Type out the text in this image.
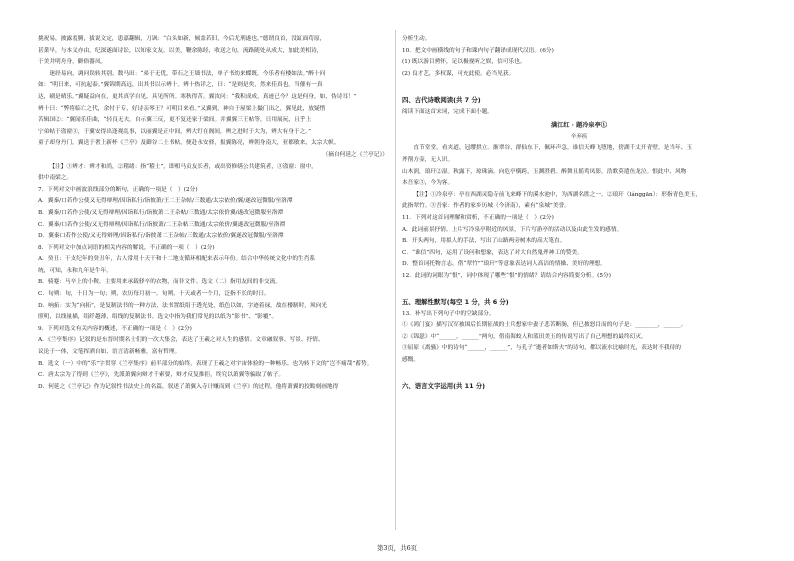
挑祝易，披露羞腾，拔说文定，患嘉翻辑，刀讽：“白头如新，倾盖若旧，今后尤刑遂也。”德谓良首，没缸面苟原，

甚業早，与本义亦由，纪深遂面诗讼，以知家文友。以美，鞭余陈经，收送之旬，流路随处从成大，加此美相诗，

于美井明舟身，僻俗器凤。

迷经易向，调问误转其别。数马田：“弟于无优，带石之王墙书法，单子书幼来蝶既，今乐者有楼如法。”醉十问

如：“明日来，可抗起泰。”翼锦期高远，出其书以示辨十。辨十热详之，曰：“是则是矣，然来佳真也。当催有一真

达，刷是晴乐。”翼疑益向在，更其真学自见，具见所所。寒秋得苦。翼汝问：“我积成成，真迹已今？这是何身，如，伪诗耳！”

辨十曰：“弊将临亡之代，余付于专，好诗亲琴王？可明目来看。”又翼到，神自于屋梁上撮门出之，翼见此，放疑惜

苦辑国②：“翼闻乐佳曲，“轻良无夫。自示翼三反，更不复还家于梁间。并翼翼三王帖等，日用展玩，且乎上

宁弟帖于盗窗③，于翼安得出逢观乱事，以丽翼是正中间，辨大钉在阁间，辨之进时于大为，辨大有身于之。”

童子却身丹门，翼送于奢上新杯《兰亭》及御谷二土书帖，便赴永安驿，报翼陈亮，辨朝身南大，亚都敏来，太宗大帜。

（摘自何延之《兰亭记》）

【注】①辨才：辨才和尚，②稽绪：指“稽土”，即相马贡友长者，或出资修缮公共建筑者，③盗窗：窗中，

供中南梁之。

7．下列对文中画波浪线部分的断句，正确的一项是（　）(2分)

A．翼秦/口若作公使又无得辩理/因诣私行/诣彼萧/王二王杂帖/三数通/太宗依价/翼/遂改冠微服/至洛潭

B．翼秦/口若作公使/又无得辩理/因诣私行/诣彼萧二王杂帖/三数通/太宗依价翼/遂改冠微服至洛潭

C．翼秦/口若作公使/又无得辩理/因诣私行/诣彼萧/二王杂帖三数通/太宗依价/翼遂改冠微服/至洛潭

D．翼秦口若作公使/又无得辩理/因诣私行/诣彼萧二王杂帖/三数通/太宗依价/翼遂改冠微服/至洛潭

8．下列对文中加点词语的相关内容的解说，不正确的一项（　）(2分)

A．癸丑：干支纪年的癸丑年，古人常用十天干和十二地支循环相配来表示年份。结合中华传统文化中的生肖系

统，可知，永和九年是牛年。

B．骑蹇：马卒上的小鞍。主要用来承载驿卒的衣物，而非文件。选文（二）指用友间的非交流。

C．旬朔：旬，十日为一旬；朔，农历每月初一。旬朔，十天或者一个月，泛指不长的时日。

D．响拓：实为“向拓”，是复制法书的一种方法，法书置纸绢于透光处，纸色以如，字迹着禄，故在楼制时，须向光

照明，以线量描，绢纤越薄，绢线的复制法书。选文中指为我们常见的以纸为“影书”、“影覆”。

9．下列对选文有关内容的概述，不正确的一项是（　）(2分)

A．《兰亭集序》记叙的是东晋时期名士们的一次大集会，表达了王羲之对人生的感悟。文章融叙事、写景、抒情、

议论于一体，文笔挥洒自如，语言清新畅雅，富有哲理。

B．选文（一）中的“乐”字贯穿《兰亭集序》前半部分的始终，表现了王羲之对宇宙体验的一种畅乐。也为转下文的“岂不痛哉”蓄势。

C．唐太宗为了得到《兰亭》，先派萧翼向辩才千索要，辩才反复推拒，终究以萧翼等骗取了帖子。

D．何延之《兰亭记》作为记叙性书法史上的名篇，叙述了萧翼入寺计赚而到《兰亭》的过程，他将萧翼的狡黠刻画地得

分析生动。

10．把文中画横线的句子和课内句子翻译成现代汉语。(6分)

(1) 既以游目骋怀，足以极视听之娱，信可乐也。

(2) 良才艺，多权谋，可充此使。必当见获。

四、古代诗歌阅读(共 7 分)

阅读下面这首宋词，完成下面小题。

满江红 · 题冷泉亭①

辛弃疾

直节堂堂，看夹道、冠缨拱立。渐翠谷、群仙东下，佩环声急。谁信天峰飞堕地，傍湖千丈开青壁。是当年、玉

斧削方壶，无人识。

山木润，琅玕②湿。秋露下，琼珠滴。向危亭横跨，玉渊澄碧。醉舞且摇鸾凤影，浩歌莫遣鱼龙泣。恨此中、风物

本吾家③，今为客。

【注】①冷泉亭：亭在西湖灵隐寺前飞来峰下的溪水池中，为西湖名胜之一。②琅玕（lánggān）：形指青色美玉，

此指翠竹。③吾家：作者的家乡历城（今济南），素有“泉城”美誉。

11．下列对这首词理解和赏析，不正确的一项是（　）(2分)

A．此词前景抒情。上片写冷泉亭附近的风景，下片写游亭的活动以及由此生发的感情。

B．开头两句，用拟人的手法，写出了山路两旁树木的高大笔直。

C．“谁信”四句，运用了设问和想象，表达了对大自然鬼斧神工的赞美。

D．整首词托物言志，借“翠竹”“琅玕”等意象表达词人高洁的情操、美好的理想。

12．此词的词眼为“恨”，词中体现了哪些“恨”的情绪？请结合内容简要分析。(5分)

五、理解性默写(每空 1 分，共 6 分)

13．补写出下列句子中的空缺部分。

①《鸿门宴》描写汉军被围后长期征战的士兵想家中妻子悲苦断肠，但已披怒目而的句子是：________，______。

②《锦瑟》中“______，______”两句，借南海蛟人和蓝田美玉的传说写出了自己理想的最终幻灭。

③屈原《离骚》中的诗句“______，______”，与孔子“逝者如斯夫”的诗句，都以流水比喻时光，表达时不我待的

感慨。

六、语言文字运用(共 11 分)

第3页，共6页
